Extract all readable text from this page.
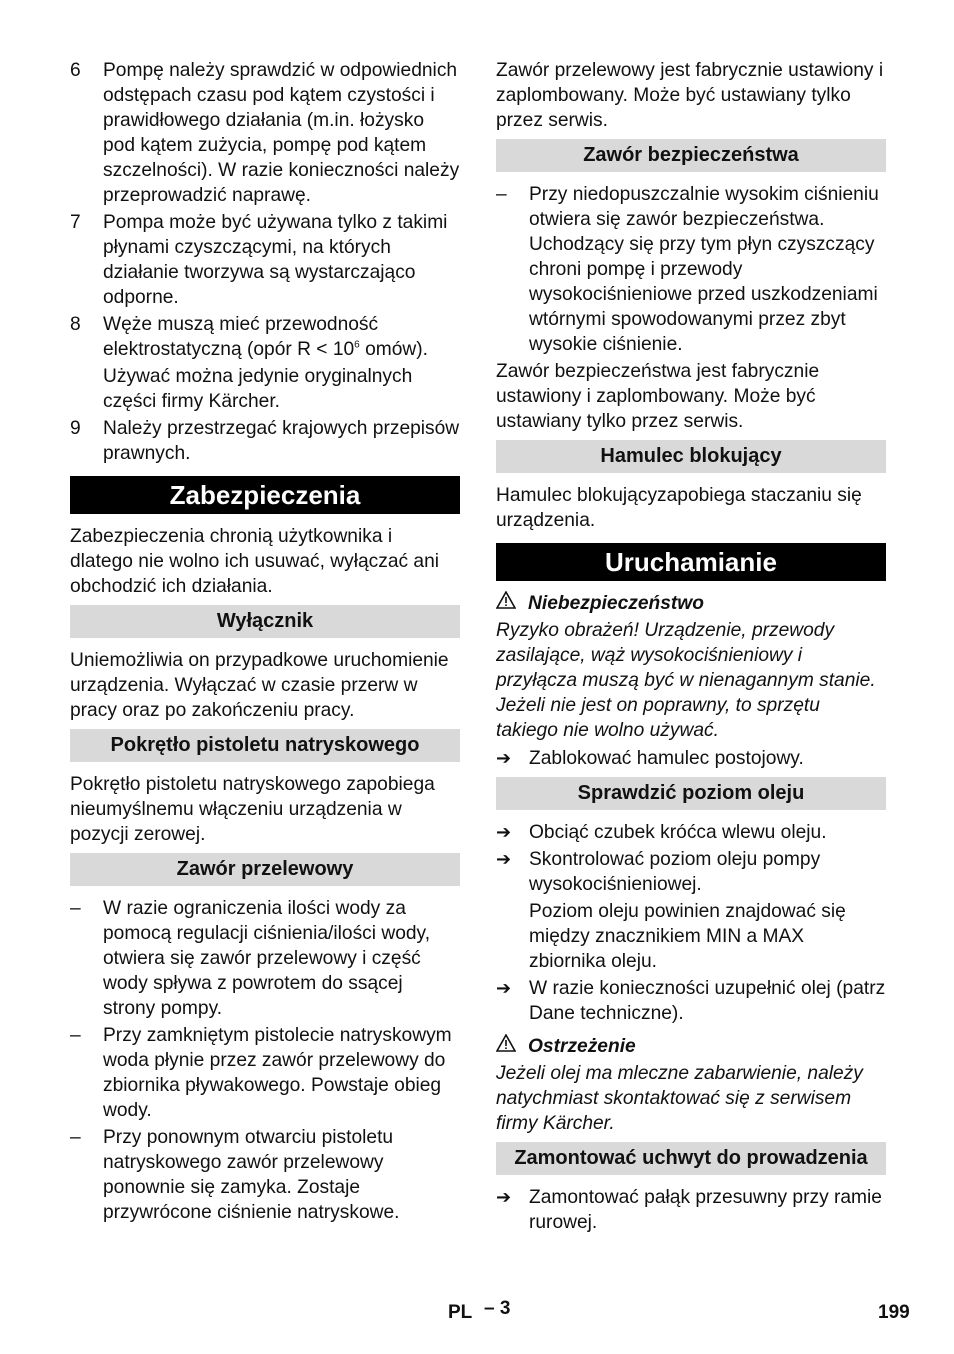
6	Pompę należy sprawdzić w odpowiednich odstępach czasu pod kątem czystości i prawidłowego działania (m.in. łożysko pod kątem zużycia, pompę pod kątem szczelności). W razie konieczności należy przeprowadzić naprawę.

7	Pompa może być używana tylko z takimi płynami czyszczącymi, na których działanie tworzywa są wystarczająco odporne.

8	Węże muszą mieć przewodność elektrostatyczną (opór $R < 10^6$ omów).

Używać można jedynie oryginalnych części firmy Kärcher.

9	Należy przestrzegać krajowych przepisów prawnych.

Zabezpieczenia

Zabezpieczenia chronią użytkownika i dlatego nie wolno ich usuwać, wyłączać ani obchodzić ich działania.

Wyłącznik

Uniemożliwia on przypadkowe uruchomienie urządzenia. Wyłączać w czasie przerw w pracy oraz po zakończeniu pracy.

Pokrętło pistoletu natryskowego

Pokrętło pistoletu natryskowego zapobiega nieumyślnemu włączeniu urządzenia w pozycji zerowej.

Zawór przelewowy
–	W razie ograniczenia ilości wody za pomocą regulacji ciśnienia/ilości wody, otwiera się zawór przelewowy i część wody spływa z powrotem do ssącej strony pompy.

–	Przy zamkniętym pistolecie natryskowym woda płynie przez zawór przelewowy do zbiornika pływakowego. Powstaje obieg wody.

–	Przy ponownym otwarciu pistoletu natryskowego zawór przelewowy ponownie się zamyka. Zostaje przywrócone ciśnienie natryskowe.

Zawór przelewowy jest fabrycznie ustawiony i zaplombowany. Może być ustawiany tylko przez serwis.

Zawór bezpieczeństwa
–	Przy niedopuszczalnie wysokim ciśnieniu otwiera się zawór bezpieczeństwa. Uchodzący się przy tym płyn czyszczący chroni pompę i przewody wysokociśnieniowe przed uszkodzeniami wtórnymi spowodowanymi przez zbyt wysokie ciśnienie.

Zawór bezpieczeństwa jest fabrycznie ustawiony i zaplombowany. Może być ustawiany tylko przez serwis.

Hamulec blokujący

Hamulec blokującyzapobiega staczaniu się urządzenia.

Uruchamianie
Niebezpieczeństwo

Ryzyko obrażeń! Urządzenie, przewody zasilające, wąż wysokociśnieniowy i przyłącza muszą być w nienagannym stanie. Jeżeli nie jest on poprawny, to sprzętu takiego nie wolno używać.

➔ Zablokować hamulec postojowy.

Sprawdzić poziom oleju
➔ Obciąć czubek króćca wlewu oleju.

➔ Skontrolować poziom oleju pompy wysokociśnieniowej.

Poziom oleju powinien znajdować się między znacznikiem MIN a MAX zbiornika oleju.

➔ W razie konieczności uzupełnić olej (patrz Dane techniczne).

Ostrzeżenie

Jeżeli olej ma mleczne zabarwienie, należy natychmiast skontaktować się z serwisem firmy Kärcher.

Zamontować uchwyt do prowadzenia
➔ Zamontować pałąk przesuwny przy ramie rurowej.

PL – 3	199
